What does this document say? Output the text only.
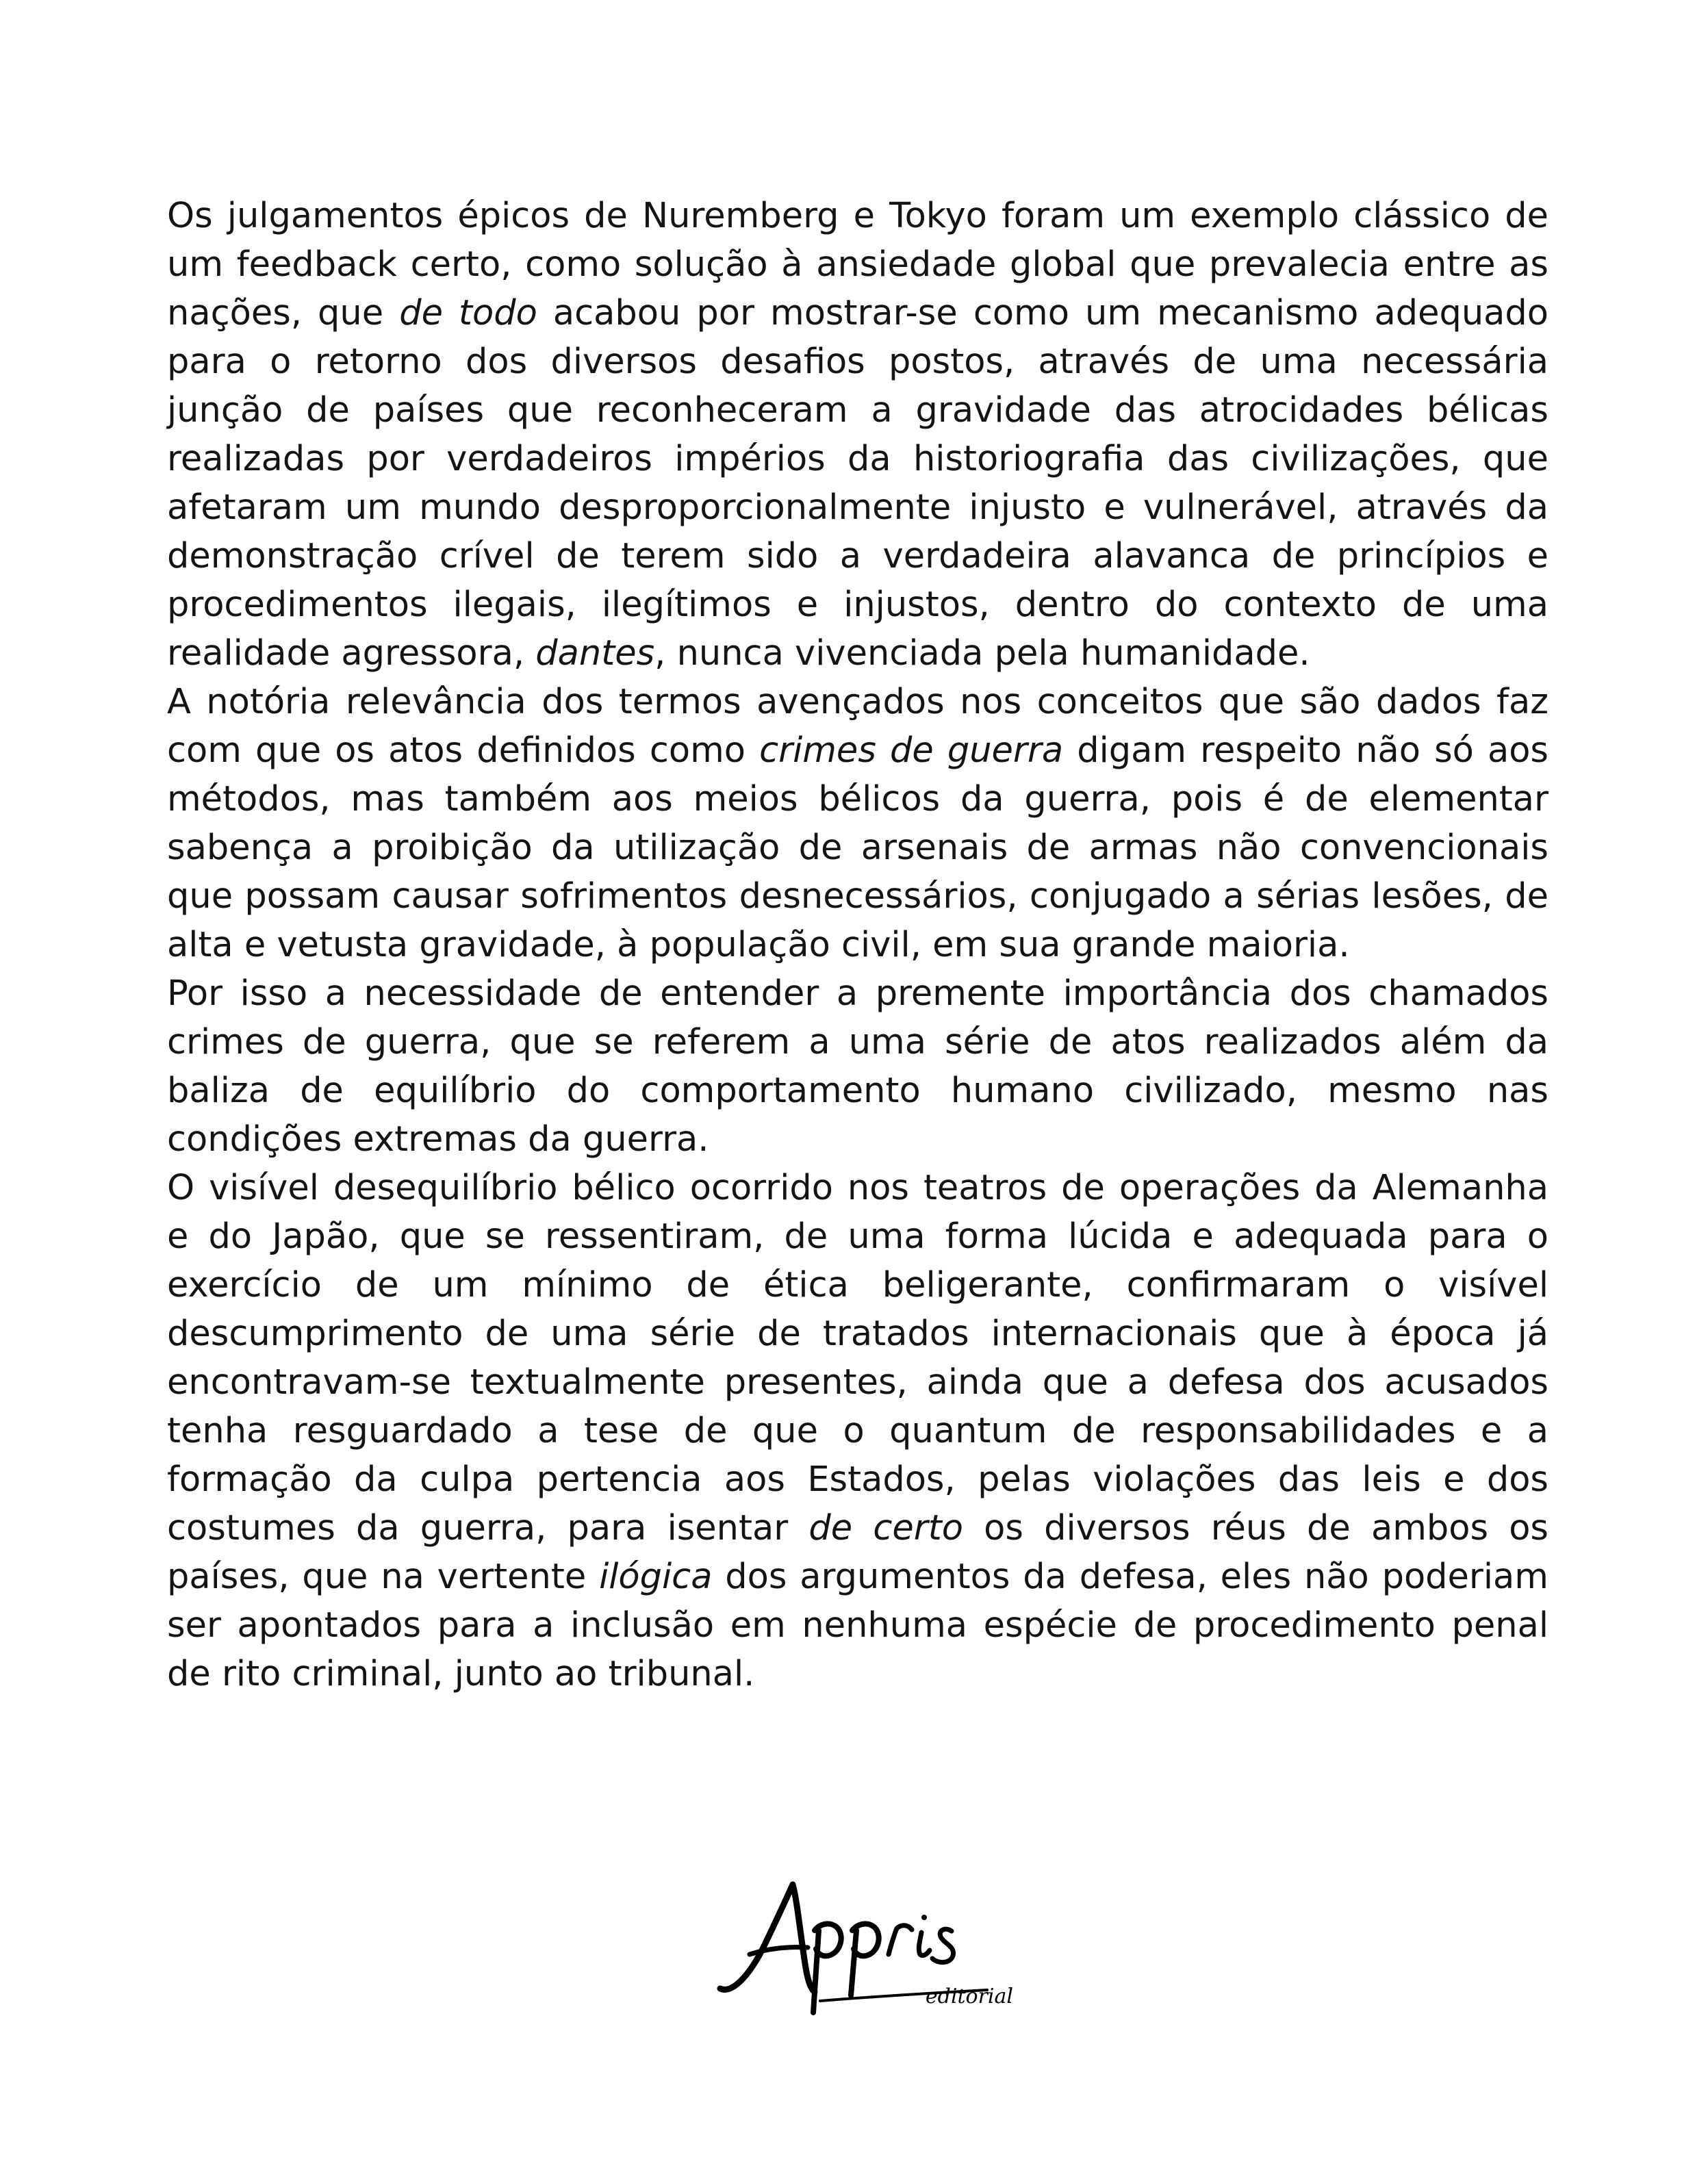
Os julgamentos épicos de Nuremberg e Tokyo foram um exemplo clássico de um feedback certo, como solução à ansiedade global que prevalecia entre as nações, que de todo acabou por mostrar-se como um mecanismo adequado para o retorno dos diversos desafios postos, através de uma necessária junção de países que reconheceram a gravidade das atrocidades bélicas realizadas por verdadeiros impérios da historiografia das civilizações, que afetaram um mundo desproporcionalmente injusto e vulnerável, através da demonstração crível de terem sido a verdadeira alavanca de princípios e procedimentos ilegais, ilegítimos e injustos, dentro do contexto de uma realidade agressora, dantes, nunca vivenciada pela humanidade.

A notória relevância dos termos avençados nos conceitos que são dados faz com que os atos definidos como crimes de guerra digam respeito não só aos métodos, mas também aos meios bélicos da guerra, pois é de elementar sabença a proibição da utilização de arsenais de armas não convencionais que possam causar sofrimentos desnecessários, conjugado a sérias lesões, de alta e vetusta gravidade, à população civil, em sua grande maioria.

Por isso a necessidade de entender a premente importância dos chamados crimes de guerra, que se referem a uma série de atos realizados além da baliza de equilíbrio do comportamento humano civilizado, mesmo nas condições extremas da guerra.

O visível desequilíbrio bélico ocorrido nos teatros de operações da Alemanha e do Japão, que se ressentiram, de uma forma lúcida e adequada para o exercício de um mínimo de ética beligerante, confirmaram o visível descumprimento de uma série de tratados internacionais que à época já encontravam-se textualmente presentes, ainda que a defesa dos acusados tenha resguardado a tese de que o quantum de responsabilidades e a formação da culpa pertencia aos Estados, pelas violações das leis e dos costumes da guerra, para isentar de certo os diversos réus de ambos os países, que na vertente ilógica dos argumentos da defesa, eles não poderiam ser apontados para a inclusão em nenhuma espécie de procedimento penal de rito criminal, junto ao tribunal.

editorial
